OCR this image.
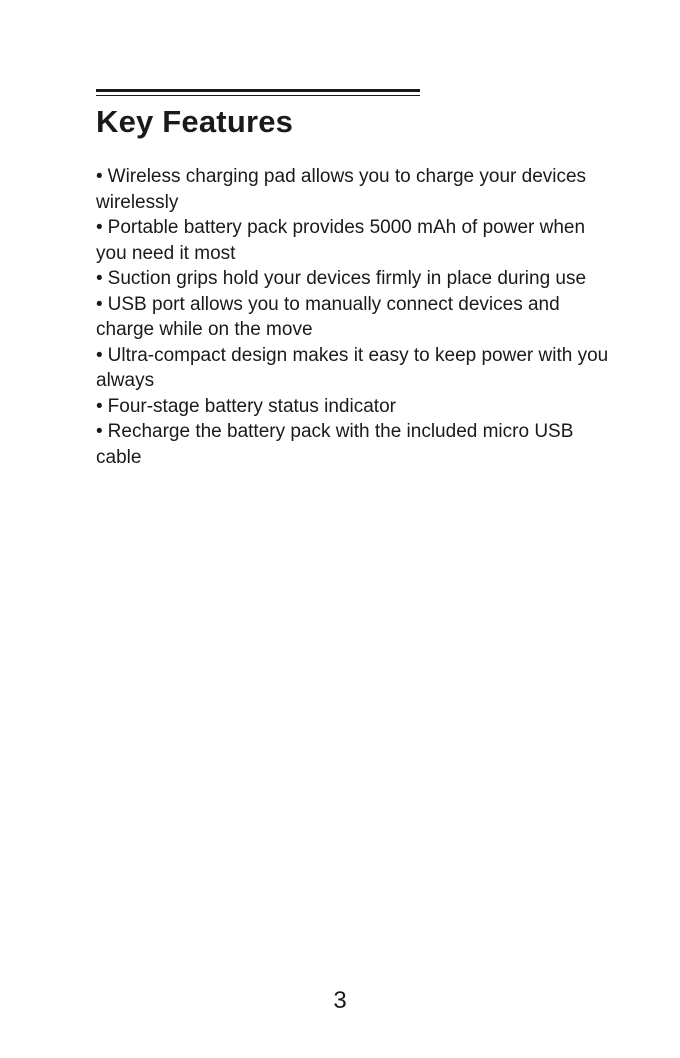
Key Features
• Wireless charging pad allows you to charge your devices wirelessly
• Portable battery pack provides 5000 mAh of power when you need it most
• Suction grips hold your devices firmly in place during use
• USB port allows you to manually connect devices and charge while on the move
• Ultra-compact design makes it easy to keep power with you always
• Four-stage battery status indicator
• Recharge the battery pack with the included micro USB cable
3
